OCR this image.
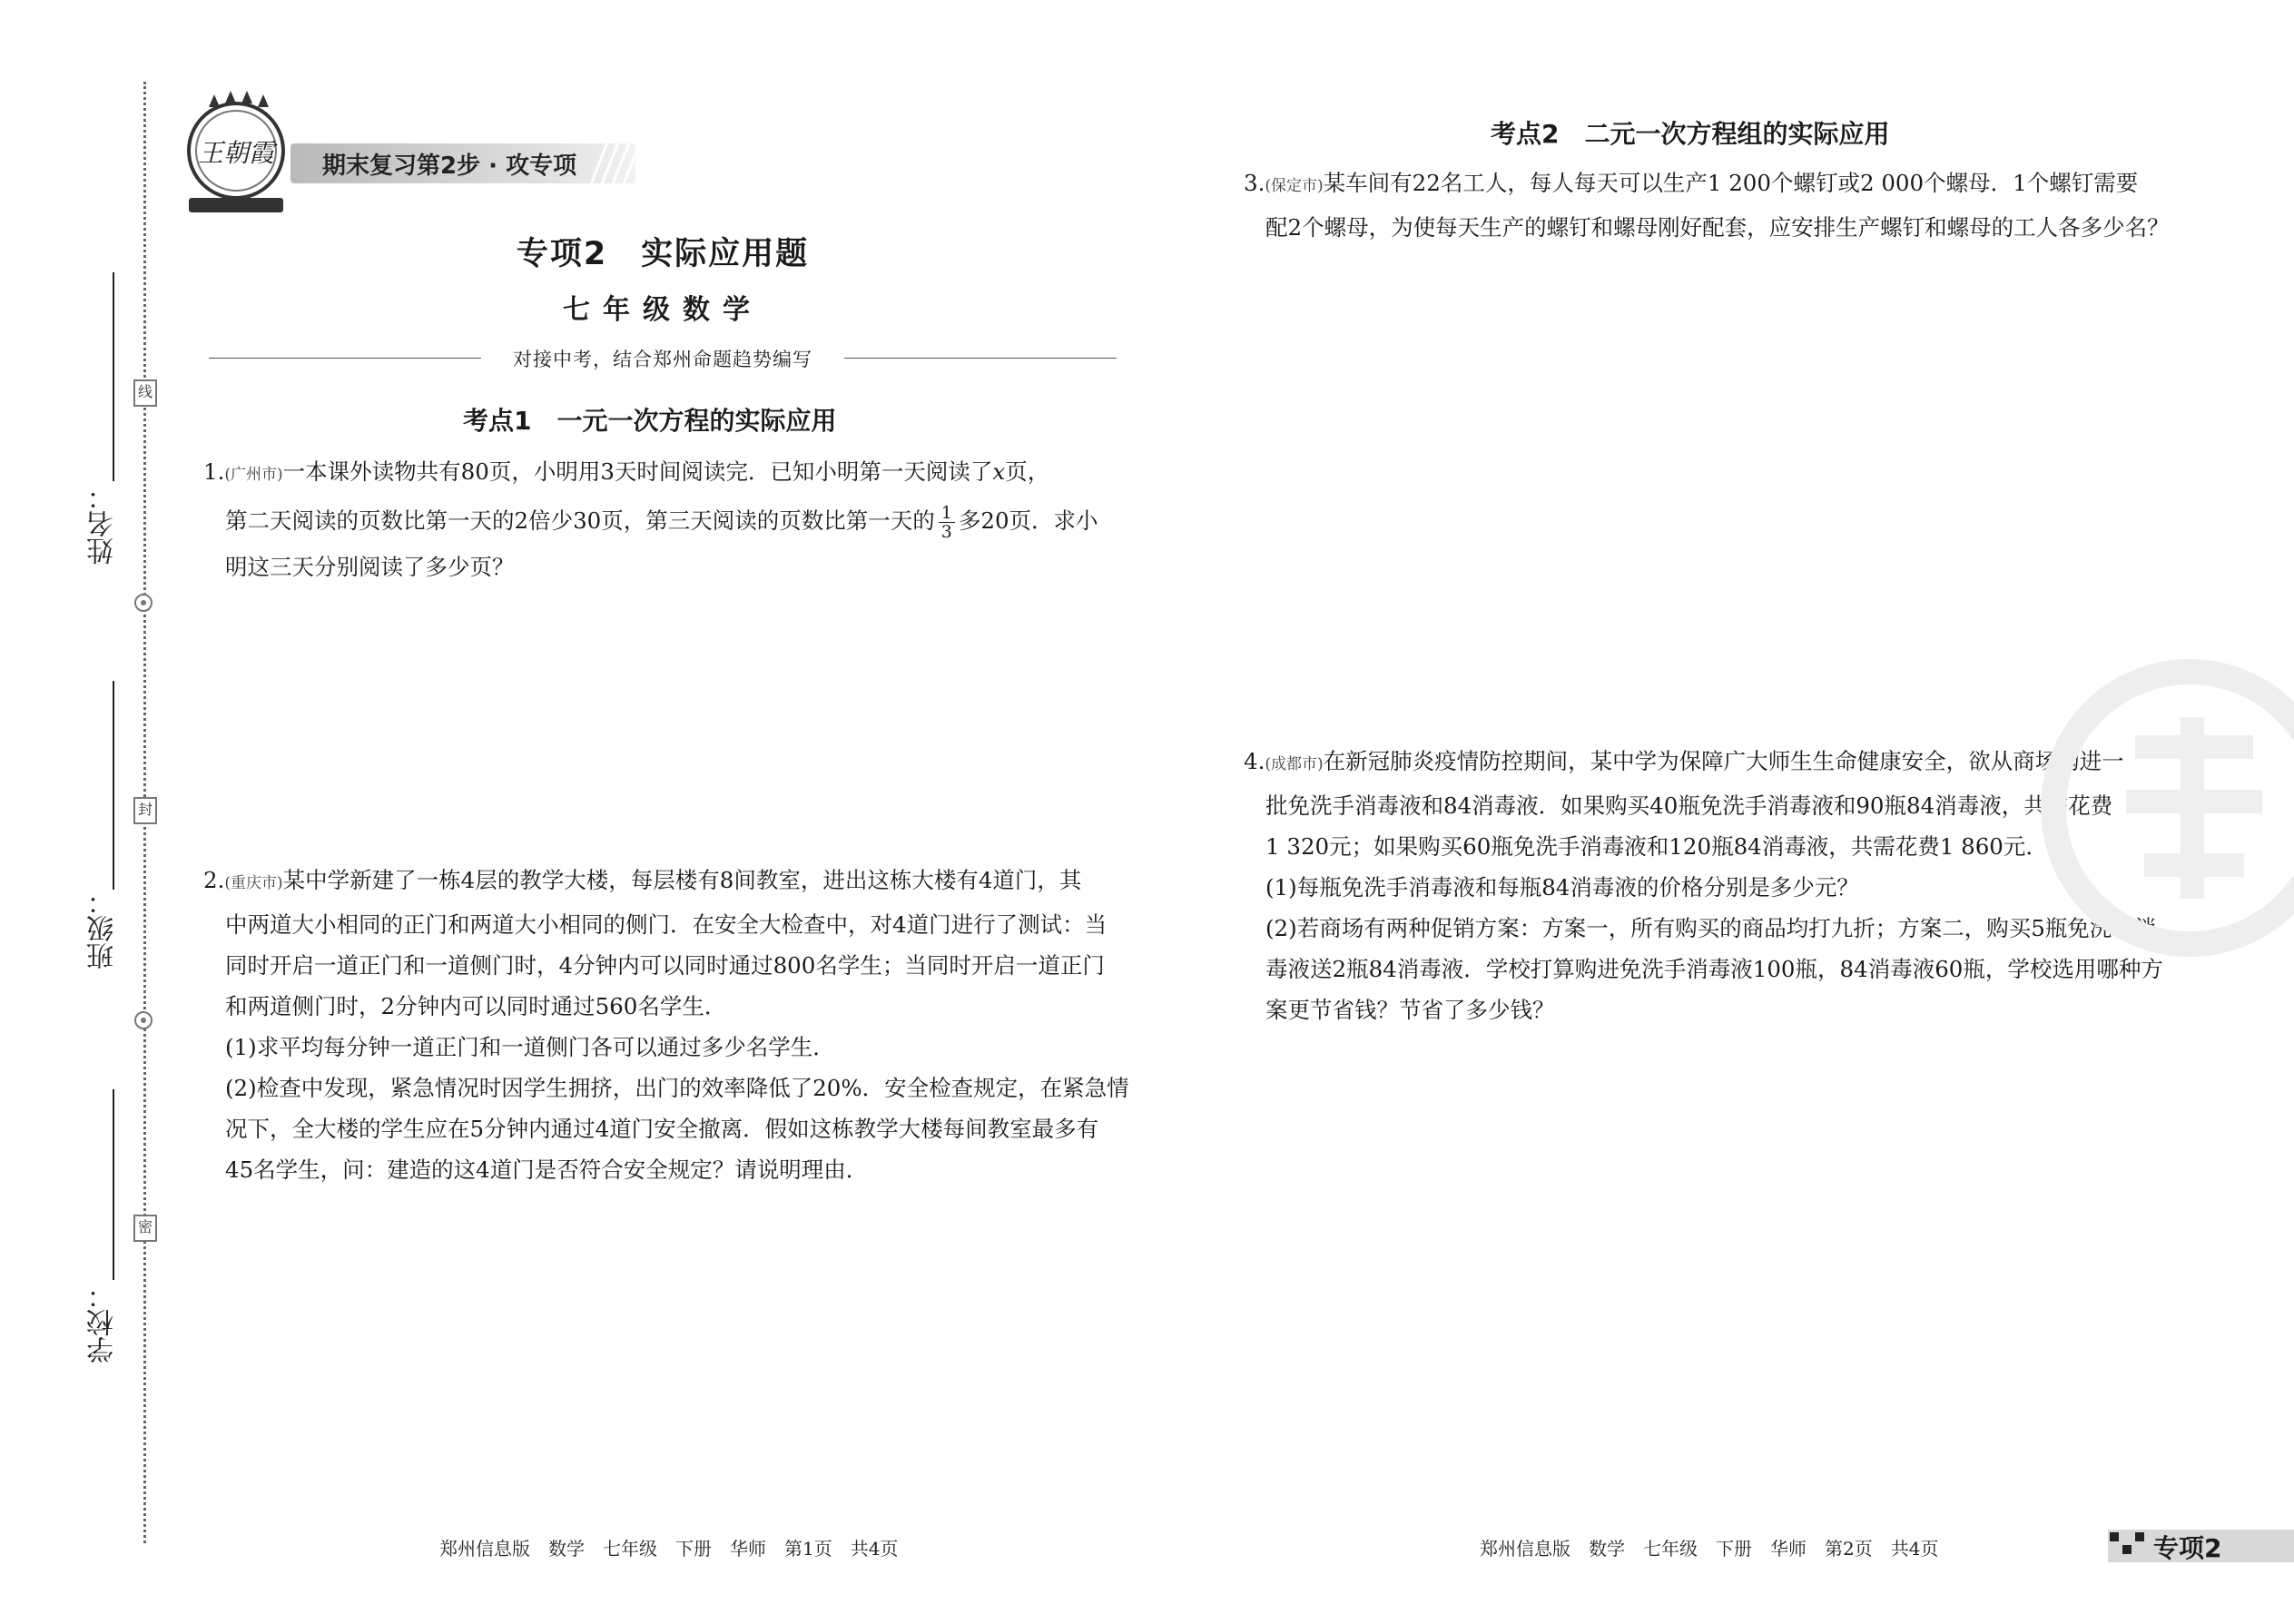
线
封
密
姓名：
班级：
学校：
王朝霞 期末复习第2步 · 攻专项
专项2　实际应用题
七年级数学
对接中考，结合郑州命题趋势编写
考点1　一元一次方程的实际应用

1.(广州市)一本课外读物共有80页，小明用3天时间阅读完．已知小明第一天阅读了x页，

第二天阅读的页数比第一天的2倍少30页，第三天阅读的页数比第一天的 $\frac{1}{3}$ 多20页．求小

明这三天分别阅读了多少页？

2.(重庆市)某中学新建了一栋4层的教学大楼，每层楼有8间教室，进出这栋大楼有4道门，其

中两道大小相同的正门和两道大小相同的侧门．在安全大检查中，对4道门进行了测试：当

同时开启一道正门和一道侧门时，4分钟内可以同时通过800名学生；当同时开启一道正门

和两道侧门时，2分钟内可以同时通过560名学生．

(1)求平均每分钟一道正门和一道侧门各可以通过多少名学生．

(2)检查中发现，紧急情况时因学生拥挤，出门的效率降低了20%．安全检查规定，在紧急情

况下，全大楼的学生应在5分钟内通过4道门安全撤离．假如这栋教学大楼每间教室最多有

45名学生，问：建造的这4道门是否符合安全规定？请说明理由．

考点2　二元一次方程组的实际应用

3.(保定市)某车间有22名工人，每人每天可以生产1 200个螺钉或2 000个螺母．1个螺钉需要

配2个螺母，为使每天生产的螺钉和螺母刚好配套，应安排生产螺钉和螺母的工人各多少名？

4.(成都市)在新冠肺炎疫情防控期间，某中学为保障广大师生生命健康安全，欲从商场购进一

批免洗手消毒液和84消毒液．如果购买40瓶免洗手消毒液和90瓶84消毒液，共需花费

1 320元；如果购买60瓶免洗手消毒液和120瓶84消毒液，共需花费1 860元．

(1)每瓶免洗手消毒液和每瓶84消毒液的价格分别是多少元？

(2)若商场有两种促销方案：方案一，所有购买的商品均打九折；方案二，购买5瓶免洗手消

毒液送2瓶84消毒液．学校打算购进免洗手消毒液100瓶，84消毒液60瓶，学校选用哪种方

案更节省钱？节省了多少钱？

郑州信息版　数学　七年级　下册　华师　第1页　共4页	郑州信息版　数学　七年级　下册　华师　第2页　共4页	专项2
